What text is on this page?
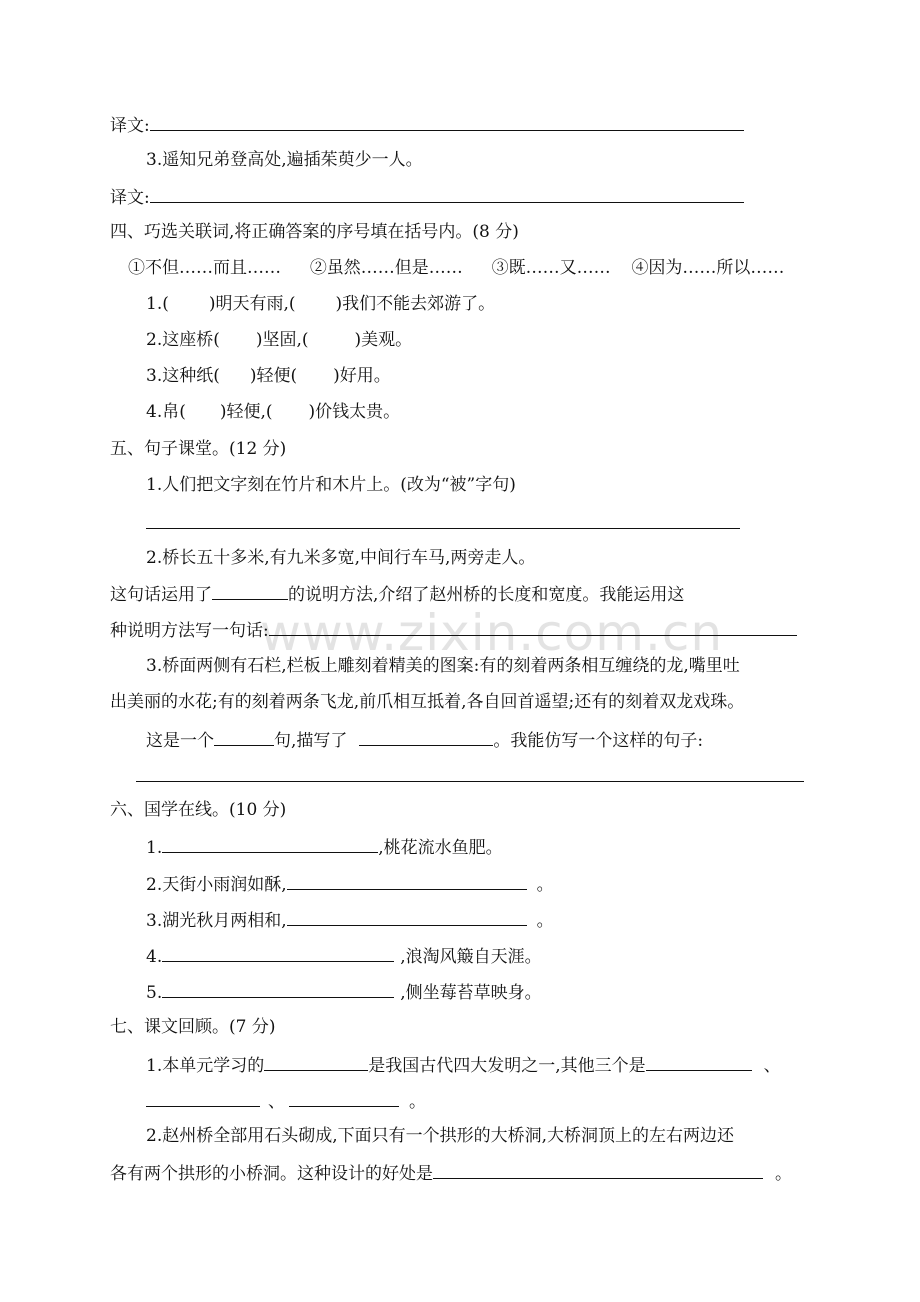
www.zixin.com.cn
译文:
3.遥知兄弟登高处,遍插茱萸少一人。
译文:
四、巧选关联词,将正确答案的序号填在括号内。(8 分)
①不但……而且…… ②虽然……但是…… ③既……又…… ④因为……所以……
1.( )明天有雨,( )我们不能去郊游了。
2.这座桥( )坚固,(	)美观。
3.这种纸( )轻便( )好用。
4.帛( )轻便,( )价钱太贵。
五、句子课堂。(12 分)
1.人们把文字刻在竹片和木片上。(改为“被”字句)
2.桥长五十多米,有九米多宽,中间行车马,两旁走人。
这句话运用了	的说明方法,介绍了赵州桥的长度和宽度。我能运用这
种说明方法写一句话:
3.桥面两侧有石栏,栏板上雕刻着精美的图案:有的刻着两条相互缠绕的龙,嘴里吐
出美丽的水花;有的刻着两条飞龙,前爪相互抵着,各自回首遥望;还有的刻着双龙戏珠。
这是一个	句,描写了	。我能仿写一个这样的句子:
六、国学在线。(10 分)
1.	,桃花流水鱼肥。
2.天街小雨润如酥,	。
3.湖光秋月两相和,	。
4.	,浪淘风簸自天涯。
5.	,侧坐莓苔草映身。
七、课文回顾。(7 分)
1.本单元学习的	是我国古代四大发明之一,其他三个是	、
、	。
2.赵州桥全部用石头砌成,下面只有一个拱形的大桥洞,大桥洞顶上的左右两边还
各有两个拱形的小桥洞。这种设计的好处是	。
